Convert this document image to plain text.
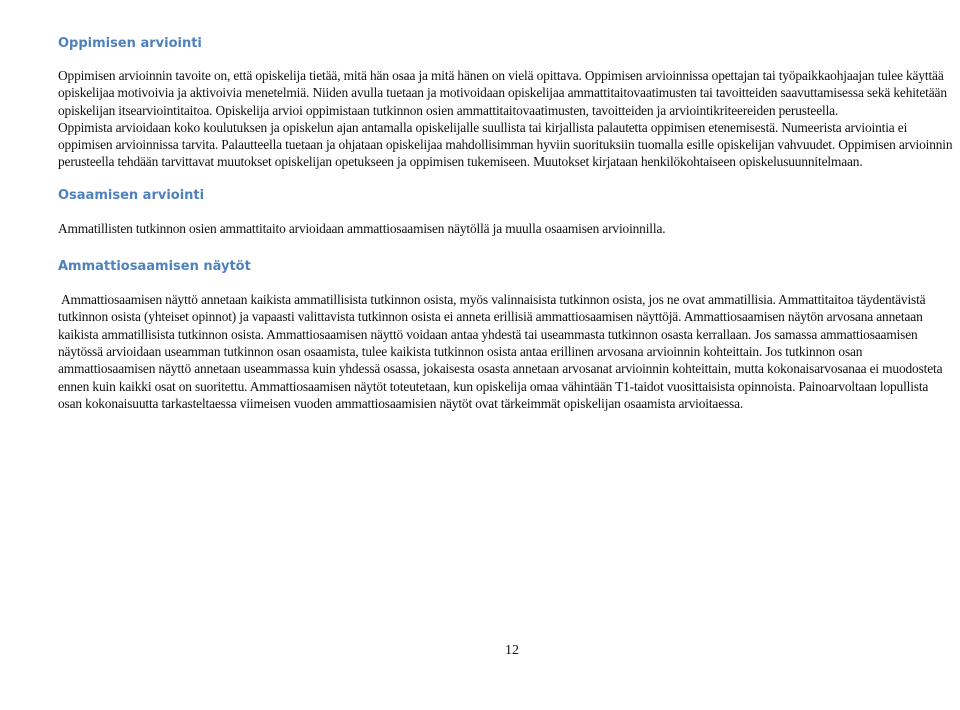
Oppimisen arviointi

Oppimisen arvioinnin tavoite on, että opiskelija tietää, mitä hän osaa ja mitä hänen on vielä opittava. Oppimisen arvioinnissa opettajan tai työpaikkaohjaajan tulee käyttää opiskelijaa motivoivia ja aktivoivia menetelmiä. Niiden avulla tuetaan ja motivoidaan opiskelijaa ammattitaitovaatimusten tai tavoitteiden saavuttamisessa sekä kehitetään opiskelijan itsearviointitaitoa. Opiskelija arvioi oppimistaan tutkinnon osien ammattitaitovaatimusten, tavoitteiden ja arviointikriteereiden perusteella.

Oppimista arvioidaan koko koulutuksen ja opiskelun ajan antamalla opiskelijalle suullista tai kirjallista palautetta oppimisen etenemisestä. Numeerista arviointia ei oppimisen arvioinnissa tarvita. Palautteella tuetaan ja ohjataan opiskelijaa mahdollisimman hyviin suorituksiin tuomalla esille opiskelijan vahvuudet. Oppimisen arvioinnin perusteella tehdään tarvittavat muutokset opiskelijan opetukseen ja oppimisen tukemiseen. Muutokset kirjataan henkilökohtaiseen opiskelusuunnitelmaan.

Osaamisen arviointi

Ammatillisten tutkinnon osien ammattitaito arvioidaan ammattiosaamisen näytöllä ja muulla osaamisen arvioinnilla.

Ammattiosaamisen näytöt

Ammattiosaamisen näyttö annetaan kaikista ammatillisista tutkinnon osista, myös valinnaisista tutkinnon osista, jos ne ovat ammatillisia. Ammattitaitoa täydentävistä tutkinnon osista (yhteiset opinnot) ja vapaasti valittavista tutkinnon osista ei anneta erillisiä ammattiosaamisen näyttöjä. Ammattiosaamisen näytön arvosana annetaan kaikista ammatillisista tutkinnon osista. Ammattiosaamisen näyttö voidaan antaa yhdestä tai useammasta tutkinnon osasta kerrallaan. Jos samassa ammattiosaamisen näytössä arvioidaan useamman tutkinnon osan osaamista, tulee kaikista tutkinnon osista antaa erillinen arvosana arvioinnin kohteittain. Jos tutkinnon osan ammattiosaamisen näyttö annetaan useammassa kuin yhdessä osassa, jokaisesta osasta annetaan arvosanat arvioinnin kohteittain, mutta kokonaisarvosanaa ei muodosteta ennen kuin kaikki osat on suoritettu. Ammattiosaamisen näytöt toteutetaan, kun opiskelija omaa vähintään T1-taidot vuosittaisista opinnoista. Painoarvoltaan lopullista osan kokonaisuutta tarkasteltaessa viimeisen vuoden ammattiosaamisien näytöt ovat tärkeimmät opiskelijan osaamista arvioitaessa.

12
